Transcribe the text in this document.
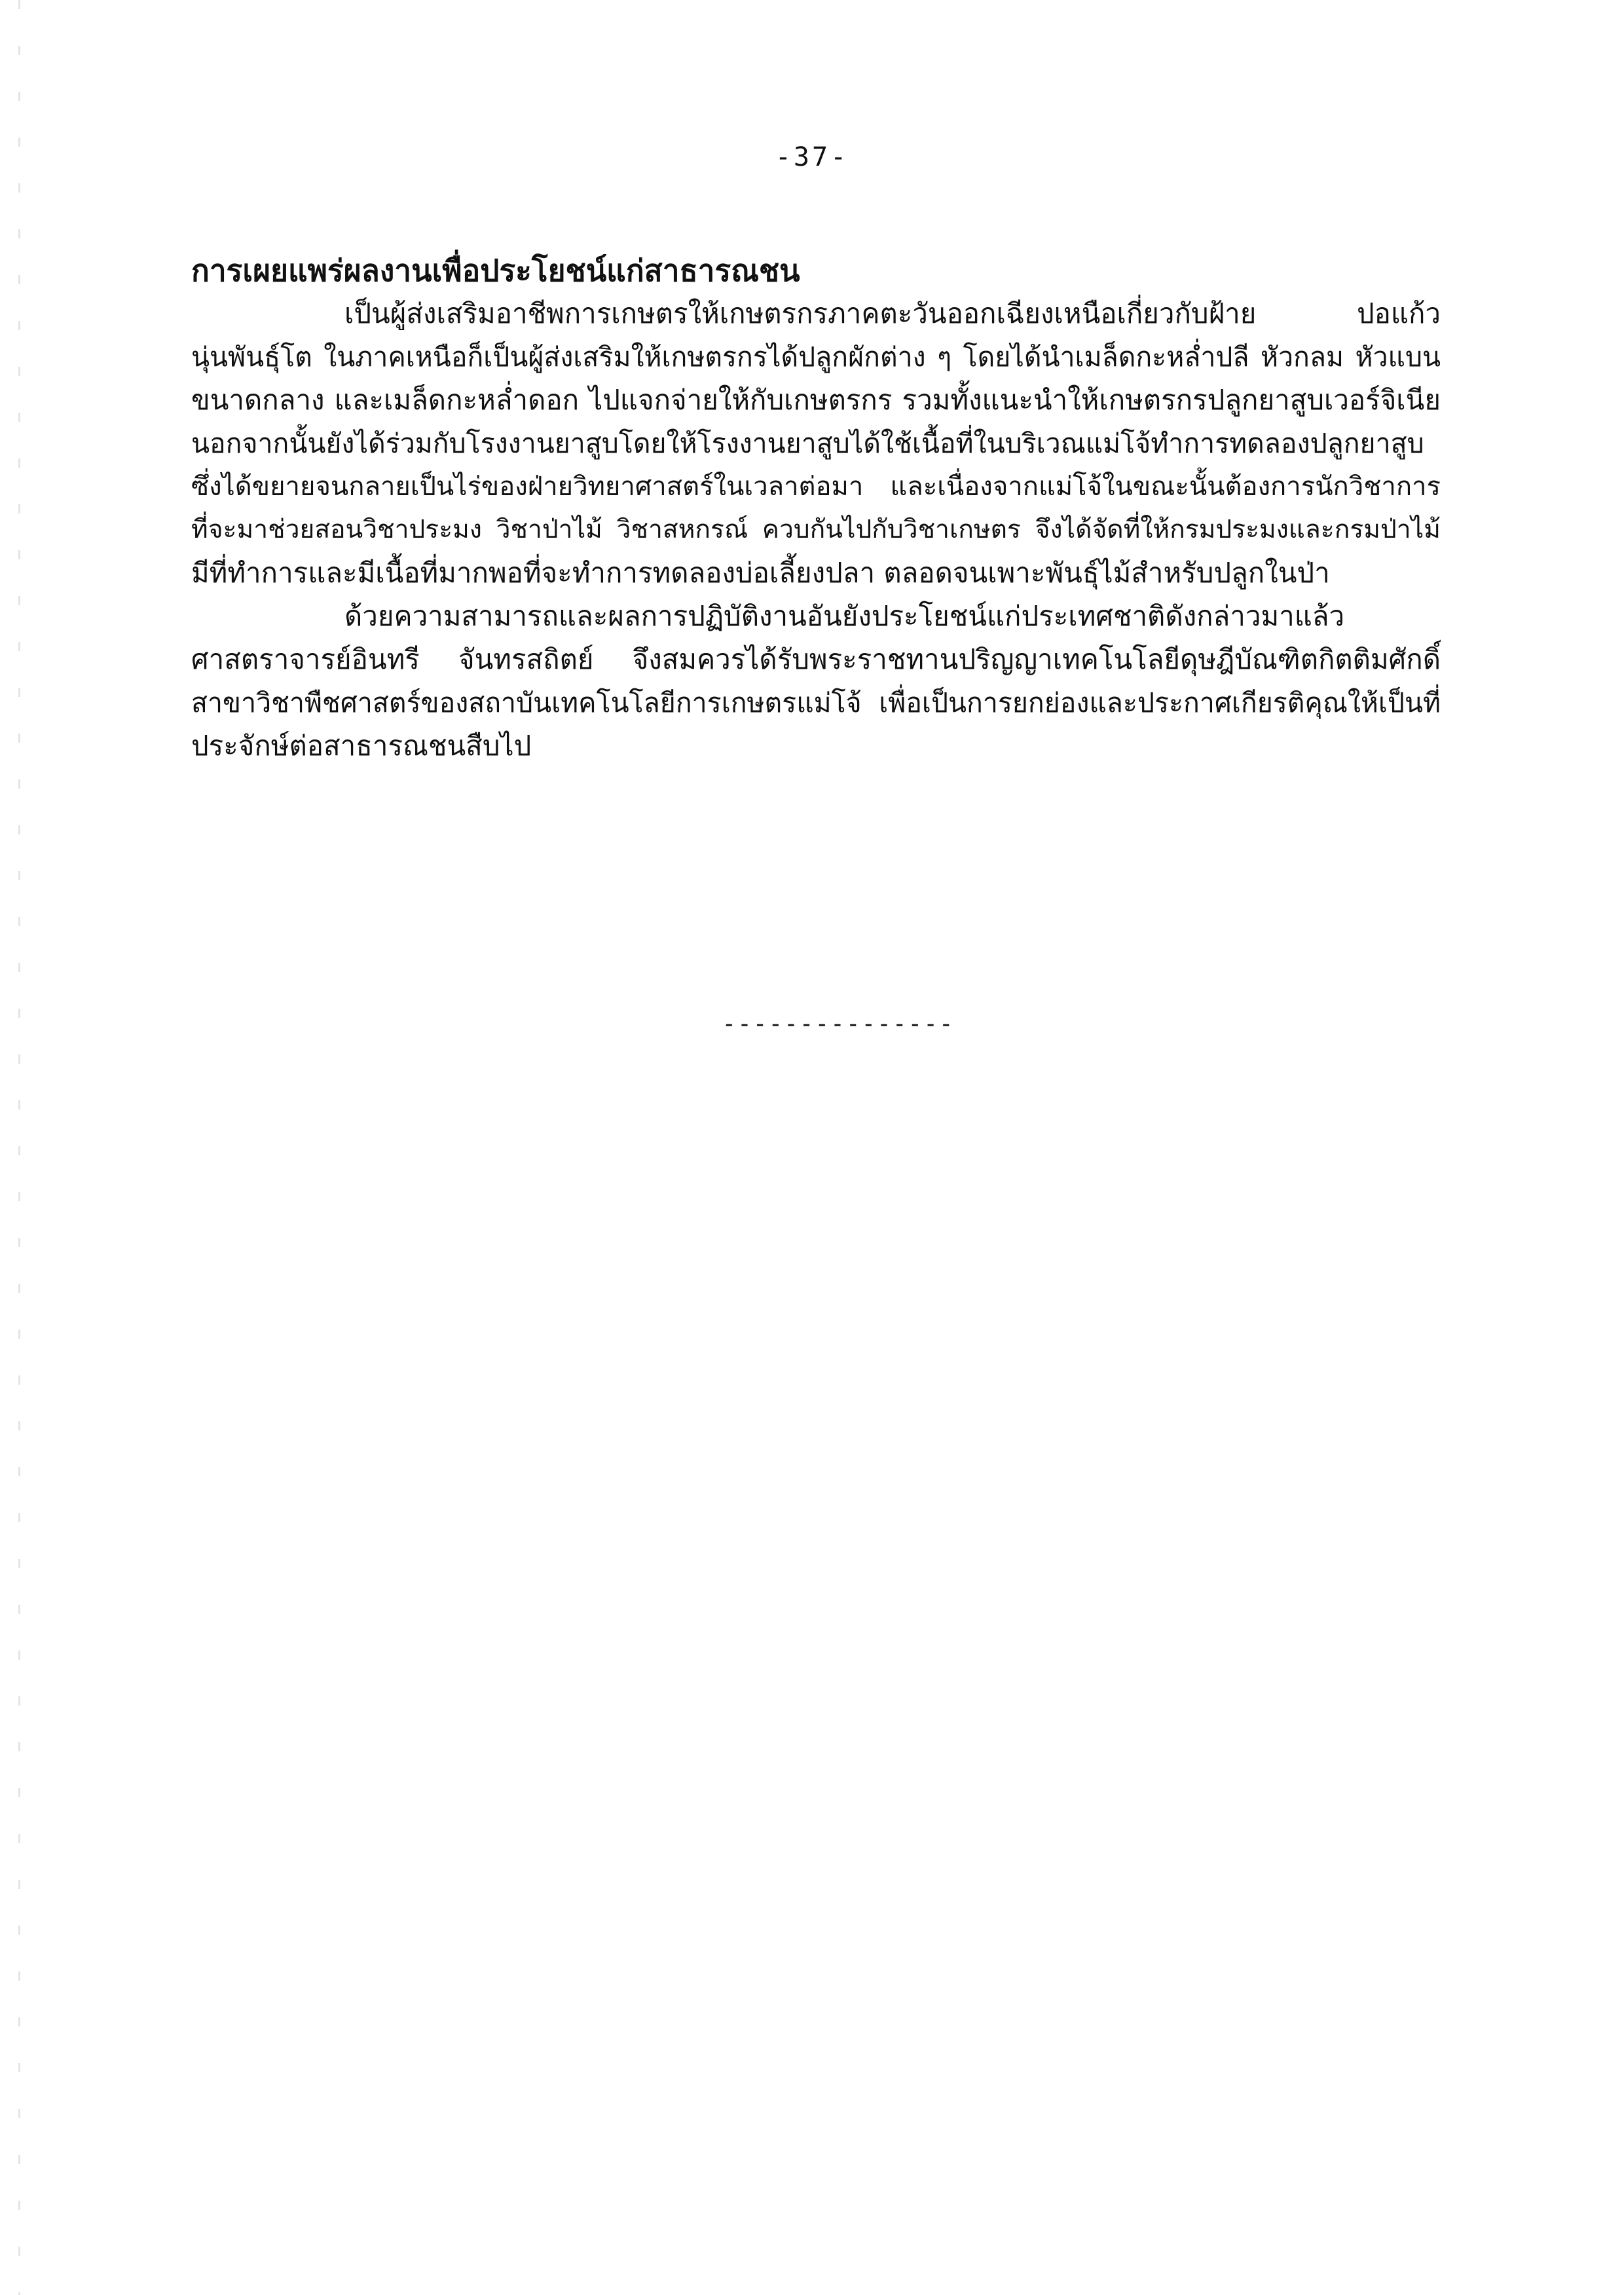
-37-
การเผยแพร่ผลงานเพื่อประโยชน์แก่สาธารณชน
เป็นผู้ส่งเสริมอาชีพการเกษตรให้เกษตรกรภาคตะวันออกเฉียงเหนือเกี่ยวกับฝ้าย ปอแก้ว
นุ่นพันธุ์โต ในภาคเหนือก็เป็นผู้ส่งเสริมให้เกษตรกรได้ปลูกผักต่าง ๆ โดยได้นำเมล็ดกะหล่ำปลี หัวกลม หัวแบน
ขนาดกลาง และเมล็ดกะหล่ำดอก ไปแจกจ่ายให้กับเกษตรกร รวมทั้งแนะนำให้เกษตรกรปลูกยาสูบเวอร์จิเนีย
นอกจากนั้นยังได้ร่วมกับโรงงานยาสูบโดยให้โรงงานยาสูบได้ใช้เนื้อที่ในบริเวณแม่โจ้ทำการทดลองปลูกยาสูบ
ซึ่งได้ขยายจนกลายเป็นไร่ของฝ่ายวิทยาศาสตร์ในเวลาต่อมา และเนื่องจากแม่โจ้ในขณะนั้นต้องการนักวิชาการ
ที่จะมาช่วยสอนวิชาประมง วิชาป่าไม้ วิชาสหกรณ์ ควบกันไปกับวิชาเกษตร จึงได้จัดที่ให้กรมประมงและกรมป่าไม้
มีที่ทำการและมีเนื้อที่มากพอที่จะทำการทดลองบ่อเลี้ยงปลา ตลอดจนเพาะพันธุ์ไม้สำหรับปลูกในป่า
ด้วยความสามารถและผลการปฏิบัติงานอันยังประโยชน์แก่ประเทศชาติดังกล่าวมาแล้ว
ศาสตราจารย์อินทรี จันทรสถิตย์ จึงสมควรได้รับพระราชทานปริญญาเทคโนโลยีดุษฎีบัณฑิตกิตติมศักดิ์
สาขาวิชาพืชศาสตร์ของสถาบันเทคโนโลยีการเกษตรแม่โจ้ เพื่อเป็นการยกย่องและประกาศเกียรติคุณให้เป็นที่
ประจักษ์ต่อสาธารณชนสืบไป
---------------
